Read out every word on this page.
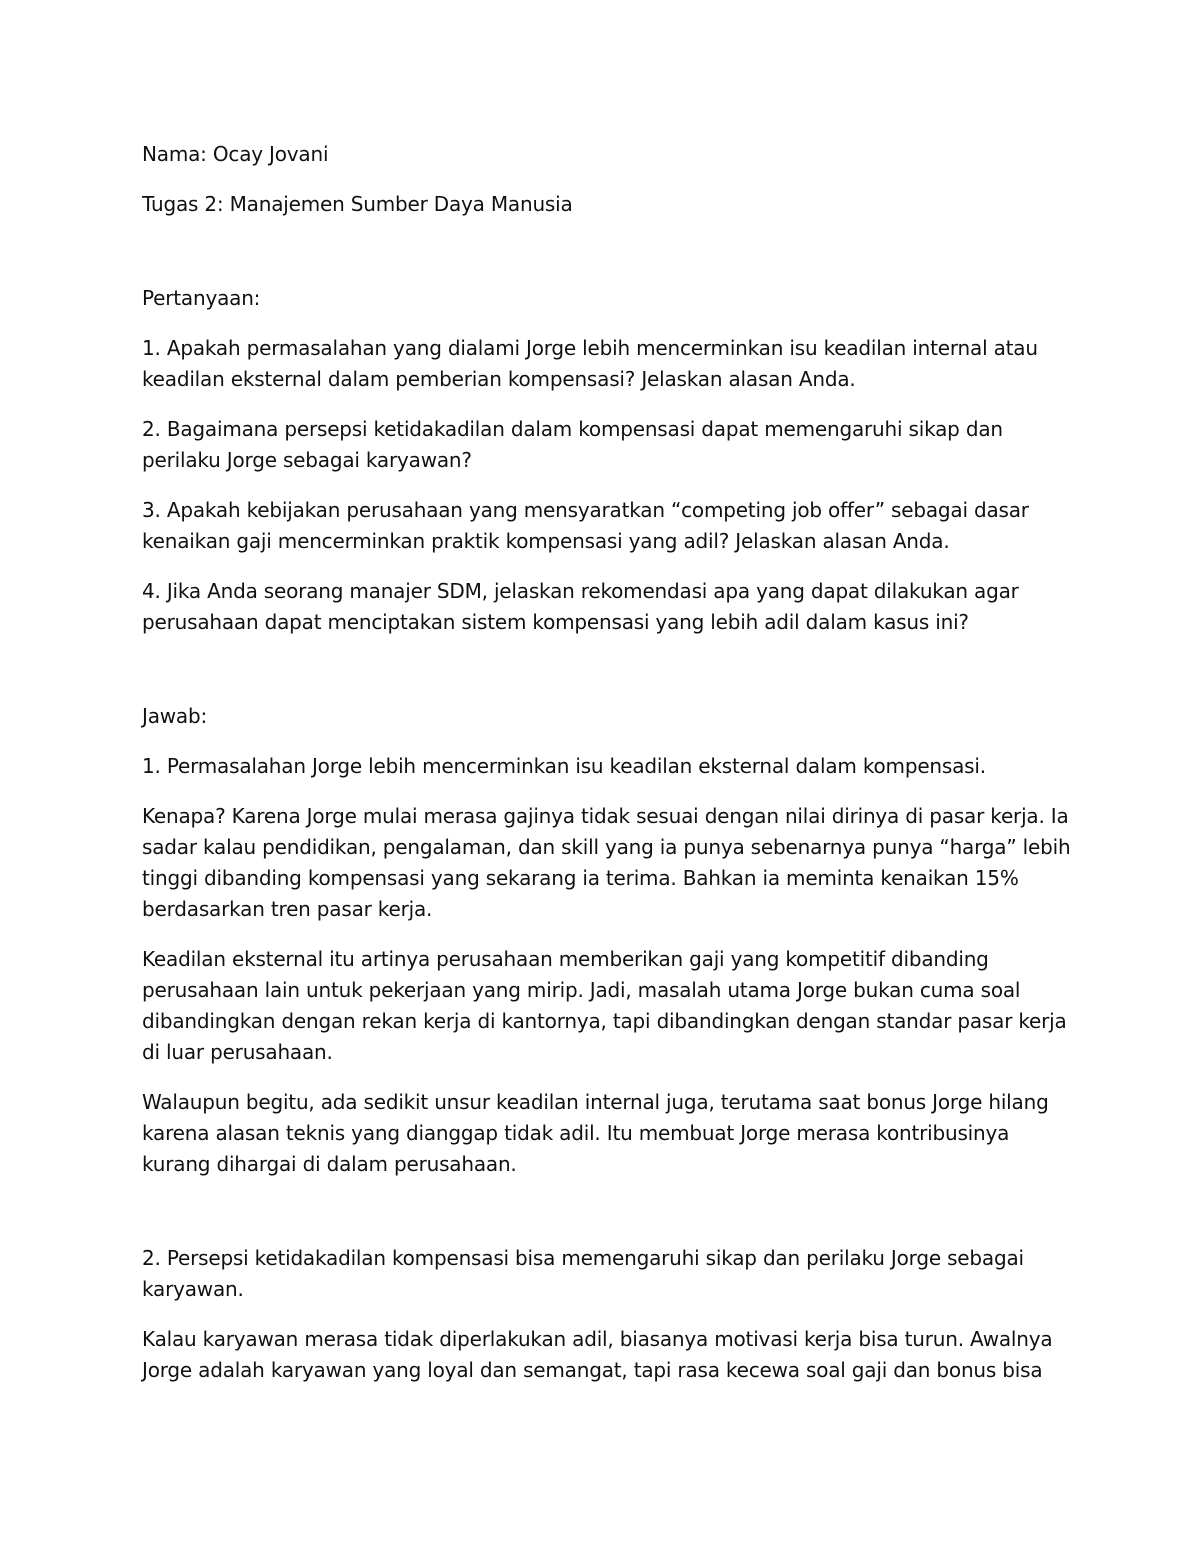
Nama: Ocay Jovani

Tugas 2: Manajemen Sumber Daya Manusia

Pertanyaan:

1. Apakah permasalahan yang dialami Jorge lebih mencerminkan isu keadilan internal atau keadilan eksternal dalam pemberian kompensasi? Jelaskan alasan Anda.

2. Bagaimana persepsi ketidakadilan dalam kompensasi dapat memengaruhi sikap dan perilaku Jorge sebagai karyawan?

3. Apakah kebijakan perusahaan yang mensyaratkan “competing job offer” sebagai dasar kenaikan gaji mencerminkan praktik kompensasi yang adil? Jelaskan alasan Anda.

4. Jika Anda seorang manajer SDM, jelaskan rekomendasi apa yang dapat dilakukan agar perusahaan dapat menciptakan sistem kompensasi yang lebih adil dalam kasus ini?

Jawab:

1. Permasalahan Jorge lebih mencerminkan isu keadilan eksternal dalam kompensasi.

Kenapa? Karena Jorge mulai merasa gajinya tidak sesuai dengan nilai dirinya di pasar kerja. Ia sadar kalau pendidikan, pengalaman, dan skill yang ia punya sebenarnya punya “harga” lebih tinggi dibanding kompensasi yang sekarang ia terima. Bahkan ia meminta kenaikan 15% berdasarkan tren pasar kerja.

Keadilan eksternal itu artinya perusahaan memberikan gaji yang kompetitif dibanding perusahaan lain untuk pekerjaan yang mirip. Jadi, masalah utama Jorge bukan cuma soal dibandingkan dengan rekan kerja di kantornya, tapi dibandingkan dengan standar pasar kerja di luar perusahaan.

Walaupun begitu, ada sedikit unsur keadilan internal juga, terutama saat bonus Jorge hilang karena alasan teknis yang dianggap tidak adil. Itu membuat Jorge merasa kontribusinya kurang dihargai di dalam perusahaan.

2. Persepsi ketidakadilan kompensasi bisa memengaruhi sikap dan perilaku Jorge sebagai karyawan.

Kalau karyawan merasa tidak diperlakukan adil, biasanya motivasi kerja bisa turun. Awalnya Jorge adalah karyawan yang loyal dan semangat, tapi rasa kecewa soal gaji dan bonus bisa
